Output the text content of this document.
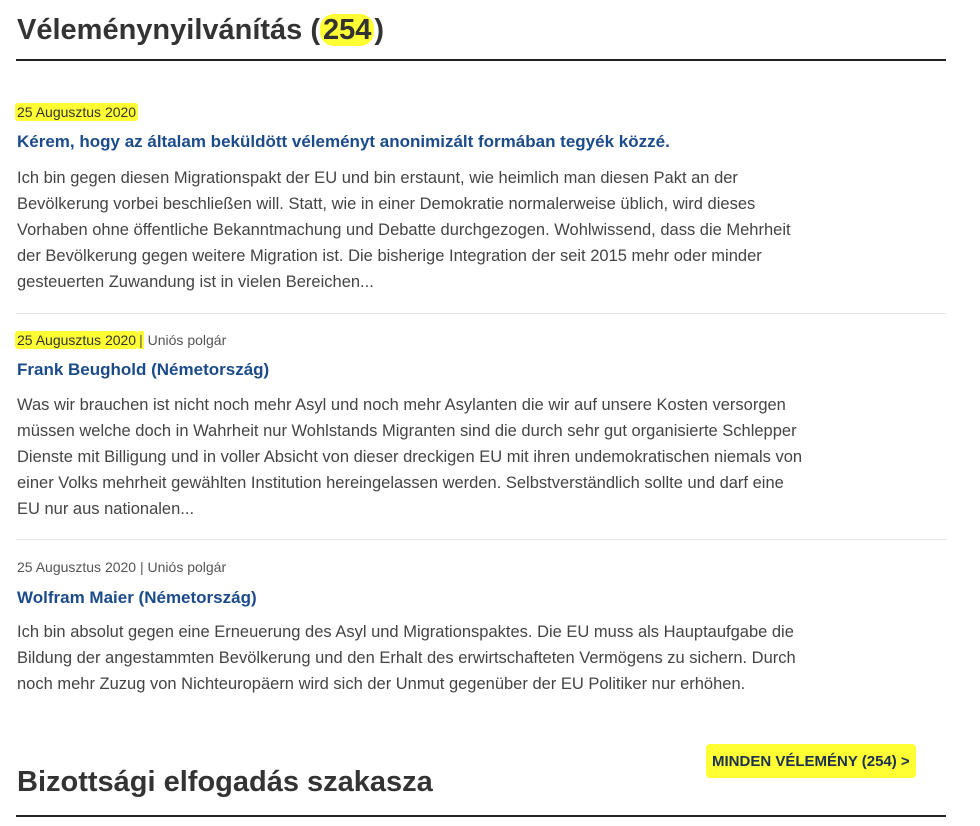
Véleménynyilvánítás ( 254 )
25 Augusztus 2020
Kérem, hogy az általam beküldött véleményt anonimizált formában tegyék közzé.

Ich bin gegen diesen Migrationspakt der EU und bin erstaunt, wie heimlich man diesen Pakt an der Bevölkerung vorbei beschließen will. Statt, wie in einer Demokratie normalerweise üblich, wird dieses Vorhaben ohne öffentliche Bekanntmachung und Debatte durchgezogen. Wohlwissend, dass die Mehrheit der Bevölkerung gegen weitere Migration ist. Die bisherige Integration der seit 2015 mehr oder minder gesteuerten Zuwandung ist in vielen Bereichen...

25 Augusztus 2020 | Uniós polgár
Frank Beughold (Németország)

Was wir brauchen ist nicht noch mehr Asyl und noch mehr Asylanten die wir auf unsere Kosten versorgen müssen welche doch in Wahrheit nur Wohlstands Migranten sind die durch sehr gut organisierte Schlepper Dienste mit Billigung und in voller Absicht von dieser dreckigen EU mit ihren undemokratischen niemals von einer Volks mehrheit gewählten Institution hereingelassen werden. Selbstverständlich sollte und darf eine EU nur aus nationalen...

25 Augusztus 2020 | Uniós polgár
Wolfram Maier (Németország)

Ich bin absolut gegen eine Erneuerung des Asyl und Migrationspaktes. Die EU muss als Hauptaufgabe die Bildung der angestammten Bevölkerung und den Erhalt des erwirtschafteten Vermögens zu sichern. Durch noch mehr Zuzug von Nichteuropäern wird sich der Unmut gegenüber der EU Politiker nur erhöhen.

MINDEN VÉLEMÉNY (254) >
Bizottsági elfogadás szakasza
